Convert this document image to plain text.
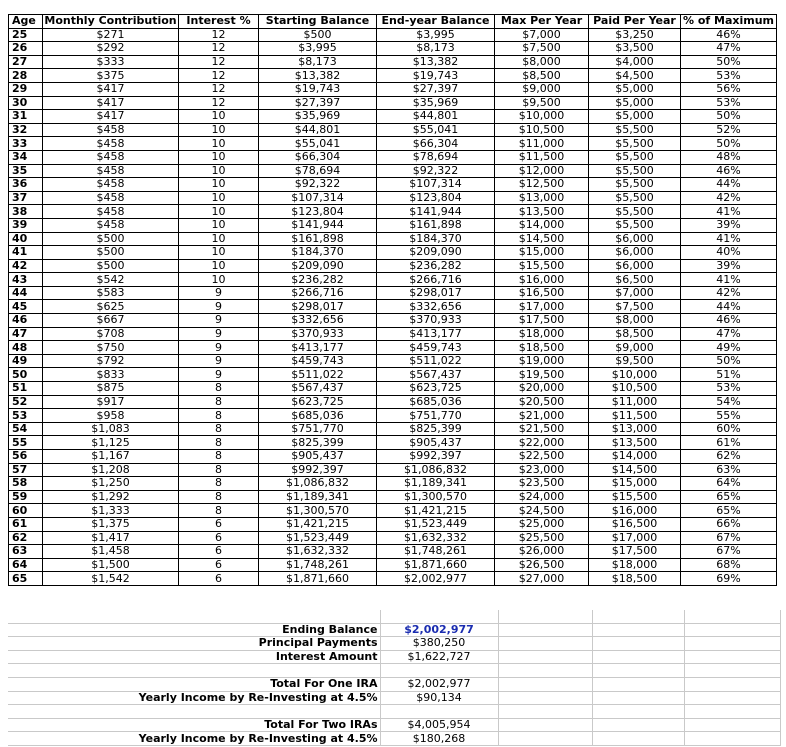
Age	Monthly Contribution	Interest %	Starting Balance	End-year Balance	Max Per Year	Paid Per Year	% of Maximum
25	$271	12	$500	$3,995	$7,000	$3,250	46%
26	$292	12	$3,995	$8,173	$7,500	$3,500	47%
27	$333	12	$8,173	$13,382	$8,000	$4,000	50%
28	$375	12	$13,382	$19,743	$8,500	$4,500	53%
29	$417	12	$19,743	$27,397	$9,000	$5,000	56%
30	$417	12	$27,397	$35,969	$9,500	$5,000	53%
31	$417	10	$35,969	$44,801	$10,000	$5,000	50%
32	$458	10	$44,801	$55,041	$10,500	$5,500	52%
33	$458	10	$55,041	$66,304	$11,000	$5,500	50%
34	$458	10	$66,304	$78,694	$11,500	$5,500	48%
35	$458	10	$78,694	$92,322	$12,000	$5,500	46%
36	$458	10	$92,322	$107,314	$12,500	$5,500	44%
37	$458	10	$107,314	$123,804	$13,000	$5,500	42%
38	$458	10	$123,804	$141,944	$13,500	$5,500	41%
39	$458	10	$141,944	$161,898	$14,000	$5,500	39%
40	$500	10	$161,898	$184,370	$14,500	$6,000	41%
41	$500	10	$184,370	$209,090	$15,000	$6,000	40%
42	$500	10	$209,090	$236,282	$15,500	$6,000	39%
43	$542	10	$236,282	$266,716	$16,000	$6,500	41%
44	$583	9	$266,716	$298,017	$16,500	$7,000	42%
45	$625	9	$298,017	$332,656	$17,000	$7,500	44%
46	$667	9	$332,656	$370,933	$17,500	$8,000	46%
47	$708	9	$370,933	$413,177	$18,000	$8,500	47%
48	$750	9	$413,177	$459,743	$18,500	$9,000	49%
49	$792	9	$459,743	$511,022	$19,000	$9,500	50%
50	$833	9	$511,022	$567,437	$19,500	$10,000	51%
51	$875	8	$567,437	$623,725	$20,000	$10,500	53%
52	$917	8	$623,725	$685,036	$20,500	$11,000	54%
53	$958	8	$685,036	$751,770	$21,000	$11,500	55%
54	$1,083	8	$751,770	$825,399	$21,500	$13,000	60%
55	$1,125	8	$825,399	$905,437	$22,000	$13,500	61%
56	$1,167	8	$905,437	$992,397	$22,500	$14,000	62%
57	$1,208	8	$992,397	$1,086,832	$23,000	$14,500	63%
58	$1,250	8	$1,086,832	$1,189,341	$23,500	$15,000	64%
59	$1,292	8	$1,189,341	$1,300,570	$24,000	$15,500	65%
60	$1,333	8	$1,300,570	$1,421,215	$24,500	$16,000	65%
61	$1,375	6	$1,421,215	$1,523,449	$25,000	$16,500	66%
62	$1,417	6	$1,523,449	$1,632,332	$25,500	$17,000	67%
63	$1,458	6	$1,632,332	$1,748,261	$26,000	$17,500	67%
64	$1,500	6	$1,748,261	$1,871,660	$26,500	$18,000	68%
65	$1,542	6	$1,871,660	$2,002,977	$27,000	$18,500	69%

Ending Balance	$2,002,977			
Principal Payments	$380,250			
Interest Amount	$1,622,727			

Total For One IRA	$2,002,977			
Yearly Income by Re-Investing at 4.5%	$90,134			

Total For Two IRAs	$4,005,954			
Yearly Income by Re-Investing at 4.5%	$180,268			
